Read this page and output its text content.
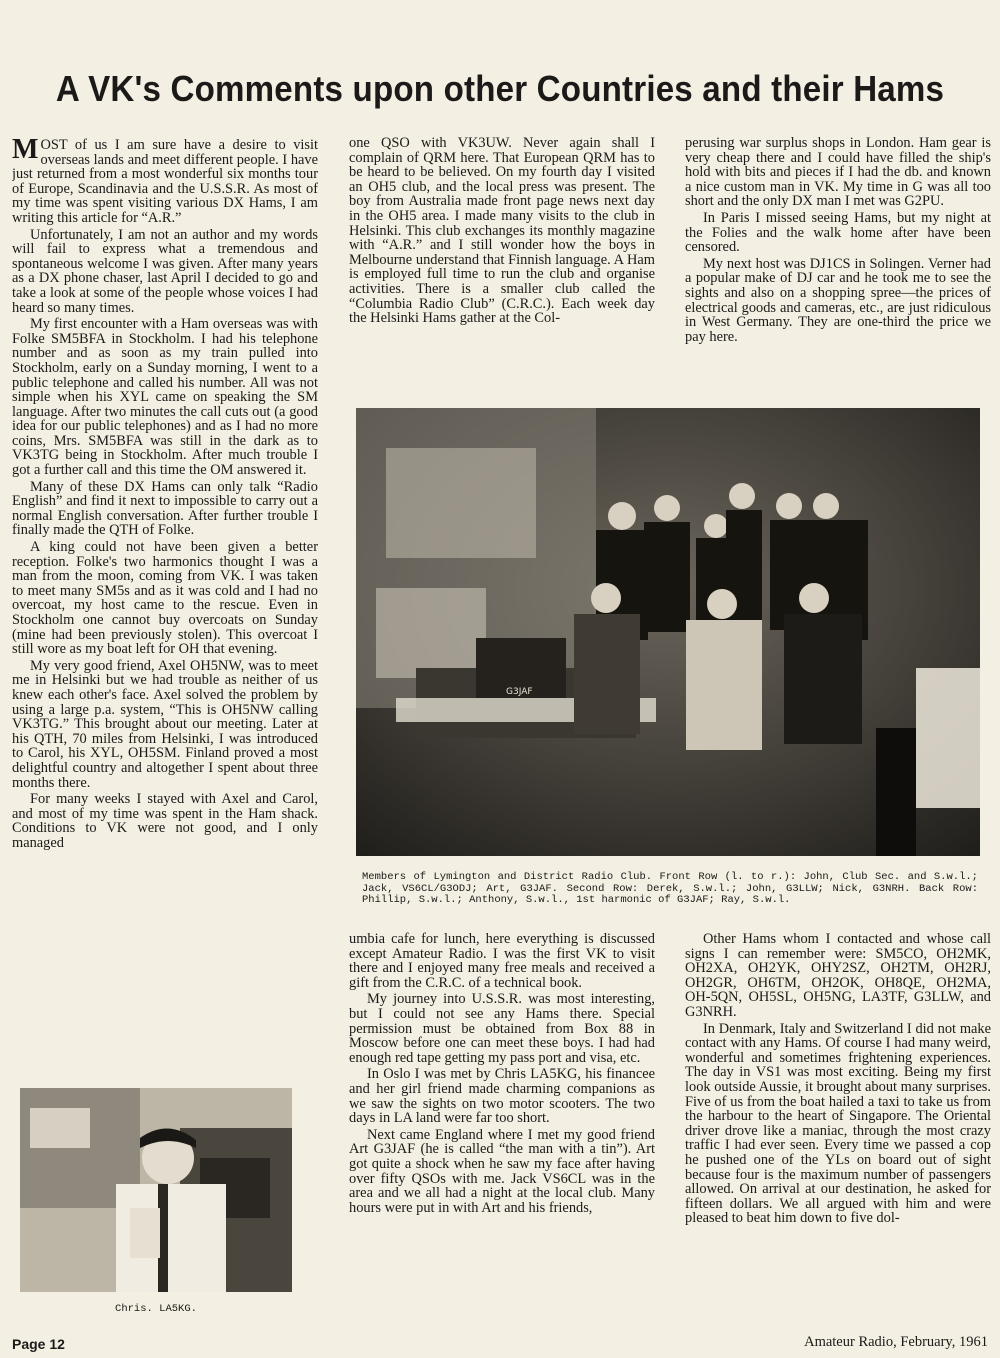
A VK's Comments upon other Countries and their Hams

MOST of us I am sure have a desire to visit overseas lands and meet different people. I have just returned from a most wonderful six months tour of Europe, Scandinavia and the U.S.S.R. As most of my time was spent visiting various DX Hams, I am writing this article for “A.R.”

Unfortunately, I am not an author and my words will fail to express what a tremendous and spontaneous welcome I was given. After many years as a DX phone chaser, last April I decided to go and take a look at some of the people whose voices I had heard so many times.

My first encounter with a Ham overseas was with Folke SM5BFA in Stockholm. I had his telephone number and as soon as my train pulled into Stockholm, early on a Sunday morning, I went to a public telephone and called his number. All was not simple when his XYL came on speaking the SM language. After two minutes the call cuts out (a good idea for our public telephones) and as I had no more coins, Mrs. SM5BFA was still in the dark as to VK3TG being in Stockholm. After much trouble I got a further call and this time the OM answered it.

Many of these DX Hams can only talk “Radio English” and find it next to impossible to carry out a normal English conversation. After further trouble I finally made the QTH of Folke.

A king could not have been given a better reception. Folke's two harmonics thought I was a man from the moon, coming from VK. I was taken to meet many SM5s and as it was cold and I had no overcoat, my host came to the rescue. Even in Stockholm one cannot buy overcoats on Sunday (mine had been previously stolen). This overcoat I still wore as my boat left for OH that evening.

My very good friend, Axel OH5NW, was to meet me in Helsinki but we had trouble as neither of us knew each other's face. Axel solved the problem by using a large p.a. system, “This is OH5NW calling VK3TG.” This brought about our meeting. Later at his QTH, 70 miles from Helsinki, I was introduced to Carol, his XYL, OH5SM. Finland proved a most delightful country and altogether I spent about three months there.

For many weeks I stayed with Axel and Carol, and most of my time was spent in the Ham shack. Conditions to VK were not good, and I only managed

one QSO with VK3UW. Never again shall I complain of QRM here. That European QRM has to be heard to be believed. On my fourth day I visited an OH5 club, and the local press was present. The boy from Australia made front page news next day in the OH5 area. I made many visits to the club in Helsinki. This club exchanges its monthly magazine with “A.R.” and I still wonder how the boys in Melbourne understand that Finnish language. A Ham is employed full time to run the club and organise activities. There is a smaller club called the “Columbia Radio Club” (C.R.C.). Each week day the Helsinki Hams gather at the Col-

perusing war surplus shops in London. Ham gear is very cheap there and I could have filled the ship's hold with bits and pieces if I had the db. and known a nice custom man in VK. My time in G was all too short and the only DX man I met was G2PU.

In Paris I missed seeing Hams, but my night at the Folies and the walk home after have been censored.

My next host was DJ1CS in Solingen. Verner had a popular make of DJ car and he took me to see the sights and also on a shopping spree—the prices of electrical goods and cameras, etc., are just ridiculous in West Germany. They are one-third the price we pay here.

G3JAF
Members of Lymington and District Radio Club. Front Row (l. to r.): John, Club Sec. and S.w.l.; Jack, VS6CL/G3ODJ; Art, G3JAF. Second Row: Derek, S.w.l.; John, G3LLW; Nick, G3NRH. Back Row: Phillip, S.w.l.; Anthony, S.w.l., 1st harmonic of G3JAF; Ray, S.w.l.
Chris. LA5KG.

umbia cafe for lunch, here everything is discussed except Amateur Radio. I was the first VK to visit there and I enjoyed many free meals and received a gift from the C.R.C. of a technical book.

My journey into U.S.S.R. was most interesting, but I could not see any Hams there. Special permission must be obtained from Box 88 in Moscow before one can meet these boys. I had had enough red tape getting my pass port and visa, etc.

In Oslo I was met by Chris LA5KG, his financee and her girl friend made charming companions as we saw the sights on two motor scooters. The two days in LA land were far too short.

Next came England where I met my good friend Art G3JAF (he is called “the man with a tin”). Art got quite a shock when he saw my face after having over fifty QSOs with me. Jack VS6CL was in the area and we all had a night at the local club. Many hours were put in with Art and his friends,

Other Hams whom I contacted and whose call signs I can remember were: SM5CO, OH2MK, OH2XA, OH2YK, OHY2SZ, OH2TM, OH2RJ, OH2GR, OH6TM, OH2OK, OH8QE, OH2MA, OH-5QN, OH5SL, OH5NG, LA3TF, G3LLW, and G3NRH.

In Denmark, Italy and Switzerland I did not make contact with any Hams. Of course I had many weird, wonderful and sometimes frightening experiences. The day in VS1 was most exciting. Being my first look outside Aussie, it brought about many surprises. Five of us from the boat hailed a taxi to take us from the harbour to the heart of Singapore. The Oriental driver drove like a maniac, through the most crazy traffic I had ever seen. Every time we passed a cop he pushed one of the YLs on board out of sight because four is the maximum number of passengers allowed. On arrival at our destination, he asked for fifteen dollars. We all argued with him and were pleased to beat him down to five dol-

Page 12	Amateur Radio, February, 1961
